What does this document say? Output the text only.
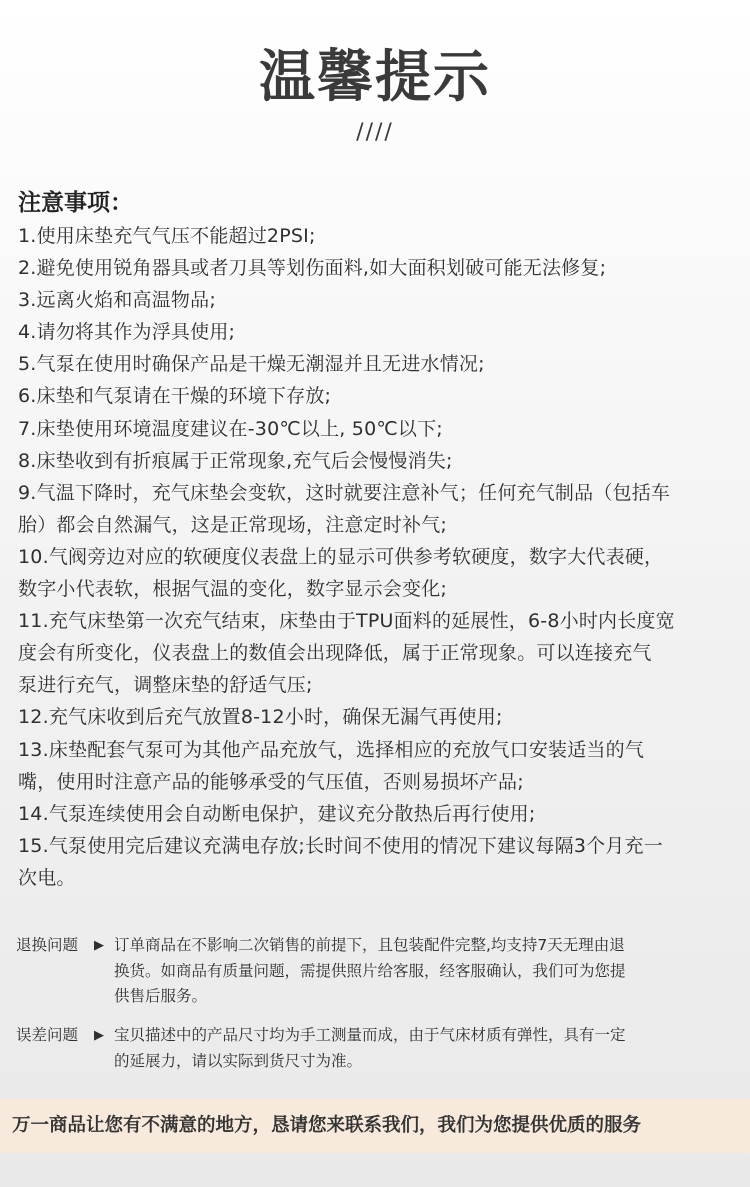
温馨提示
////
注意事项：
1.使用床垫充气气压不能超过2PSI;
2.避免使用锐角器具或者刀具等划伤面料,如大面积划破可能无法修复;
3.远离火焰和高温物品;
4.请勿将其作为浮具使用;
5.气泵在使用时确保产品是干燥无潮湿并且无进水情况;
6.床垫和气泵请在干燥的环境下存放;
7.床垫使用环境温度建议在-30℃以上, 50℃以下;
8.床垫收到有折痕属于正常现象,充气后会慢慢消失;
9.气温下降时，充气床垫会变软，这时就要注意补气；任何充气制品（包括车
胎）都会自然漏气，这是正常现场，注意定时补气;
10.气阀旁边对应的软硬度仪表盘上的显示可供参考软硬度，数字大代表硬，
数字小代表软，根据气温的变化，数字显示会变化;
11.充气床垫第一次充气结束，床垫由于TPU面料的延展性，6-8小时内长度宽
度会有所变化，仪表盘上的数值会出现降低，属于正常现象。可以连接充气
泵进行充气，调整床垫的舒适气压;
12.充气床收到后充气放置8-12小时，确保无漏气再使用;
13.床垫配套气泵可为其他产品充放气，选择相应的充放气口安装适当的气
嘴，使用时注意产品的能够承受的气压值，否则易损坏产品;
14.气泵连续使用会自动断电保护，建议充分散热后再行使用;
15.气泵使用完后建议充满电存放;长时间不使用的情况下建议每隔3个月充一
次电。
退换问题	▶ 订单商品在不影响二次销售的前提下，且包装配件完整,均支持7天无理由退
换货。如商品有质量问题，需提供照片给客服，经客服确认，我们可为您提
供售后服务。
误差问题	▶ 宝贝描述中的产品尺寸均为手工测量而成，由于气床材质有弹性，具有一定
的延展力，请以实际到货尺寸为准。
万一商品让您有不满意的地方，恳请您来联系我们，我们为您提供优质的服务
